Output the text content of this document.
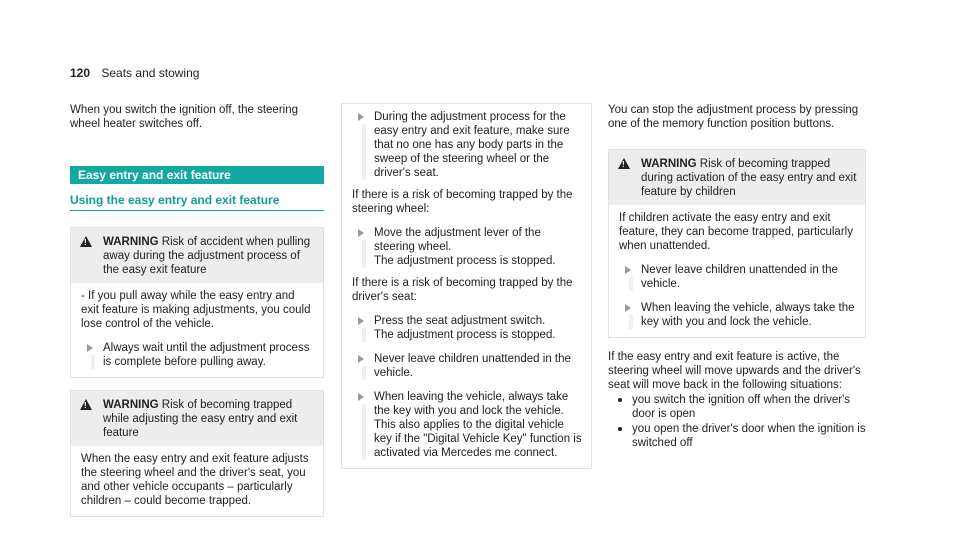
120 Seats and stowing

When you switch the ignition off, the steering wheel heater switches off.

Easy entry and exit feature
Using the easy entry and exit feature
!
WARNING Risk of accident when pulling away during the adjustment process of the easy exit feature

- If you pull away while the easy entry and exit feature is making adjustments, you could lose control of the vehicle.

Always wait until the adjustment process is complete before pulling away.
!
WARNING Risk of becoming trapped while adjusting the easy entry and exit feature

When the easy entry and exit feature adjusts the steering wheel and the driver's seat, you and other vehicle occupants – particularly children – could become trapped.

During the adjustment process for the easy entry and exit feature, make sure that no one has any body parts in the sweep of the steering wheel or the driver's seat.

If there is a risk of becoming trapped by the steering wheel:

Move the adjustment lever of the steering wheel.

The adjustment process is stopped.

If there is a risk of becoming trapped by the driver's seat:

Press the seat adjustment switch.

The adjustment process is stopped.

Never leave children unattended in the vehicle.
When leaving the vehicle, always take the key with you and lock the vehicle. This also applies to the digital vehicle key if the "Digital Vehicle Key" function is activated via Mercedes me connect.

You can stop the adjustment process by pressing one of the memory function position buttons.

!
WARNING Risk of becoming trapped during activation of the easy entry and exit feature by children

If children activate the easy entry and exit feature, they can become trapped, particularly when unattended.

Never leave children unattended in the vehicle.
When leaving the vehicle, always take the key with you and lock the vehicle.

If the easy entry and exit feature is active, the steering wheel will move upwards and the driver's seat will move back in the following situations:

you switch the ignition off when the driver's door is open
you open the driver's door when the ignition is switched off
